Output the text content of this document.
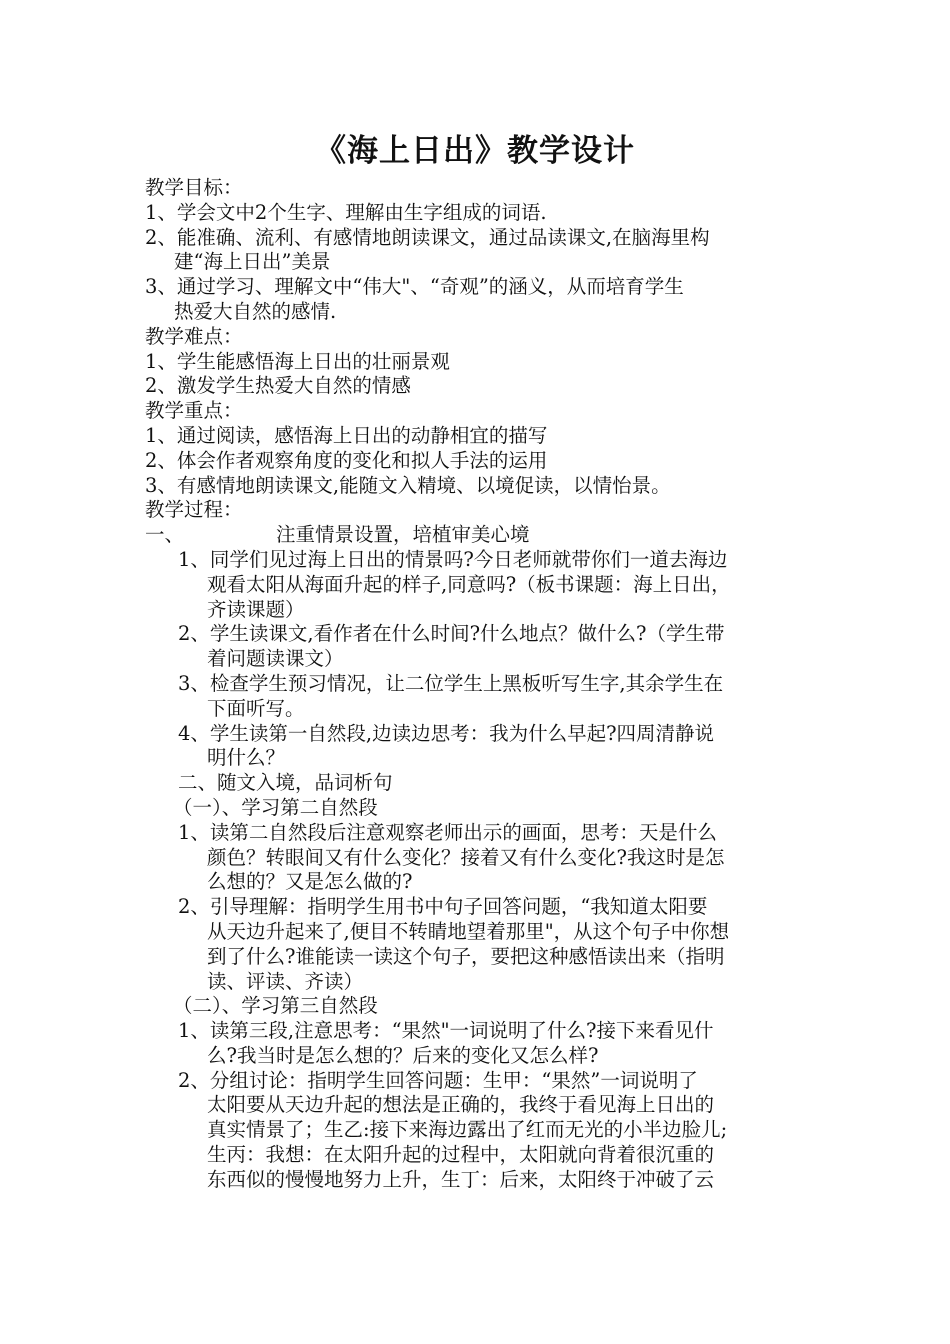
《海上日出》教学设计
教学目标：
1、学会文中2个生字、理解由生字组成的词语.
2、能准确、流利、有感情地朗读课文，通过品读课文,在脑海里构
建“海上日出”美景
3、通过学习、理解文中“伟大"、“奇观”的涵义，从而培育学生
热爱大自然的感情.
教学难点：
1、学生能感悟海上日出的壮丽景观
2、激发学生热爱大自然的情感
教学重点：
1、通过阅读，感悟海上日出的动静相宜的描写
2、体会作者观察角度的变化和拟人手法的运用
3、有感情地朗读课文,能随文入精境、以境促读，以情怡景。
教学过程：
一、	注重情景设置，培植审美心境
1、同学们见过海上日出的情景吗?今日老师就带你们一道去海边
观看太阳从海面升起的样子,同意吗?（板书课题：海上日出，
齐读课题）
2、学生读课文,看作者在什么时间?什么地点？做什么?（学生带
着问题读课文）
3、检查学生预习情况，让二位学生上黑板听写生字,其余学生在
下面听写。
4、学生读第一自然段,边读边思考：我为什么早起?四周清静说
明什么？
二、随文入境，品词析句
（一）、学习第二自然段
1、读第二自然段后注意观察老师出示的画面，思考：天是什么
颜色？转眼间又有什么变化？接着又有什么变化?我这时是怎
么想的？又是怎么做的?
2、引导理解：指明学生用书中句子回答问题，“我知道太阳要
从天边升起来了,便目不转睛地望着那里"，从这个句子中你想
到了什么?谁能读一读这个句子，要把这种感悟读出来（指明
读、评读、齐读）
（二）、学习第三自然段
1、读第三段,注意思考：“果然"一词说明了什么?接下来看见什
么?我当时是怎么想的？后来的变化又怎么样?
2、分组讨论：指明学生回答问题：生甲：“果然”一词说明了
太阳要从天边升起的想法是正确的，我终于看见海上日出的
真实情景了；生乙:接下来海边露出了红而无光的小半边脸儿;
生丙：我想：在太阳升起的过程中，太阳就向背着很沉重的
东西似的慢慢地努力上升，生丁：后来，太阳终于冲破了云
